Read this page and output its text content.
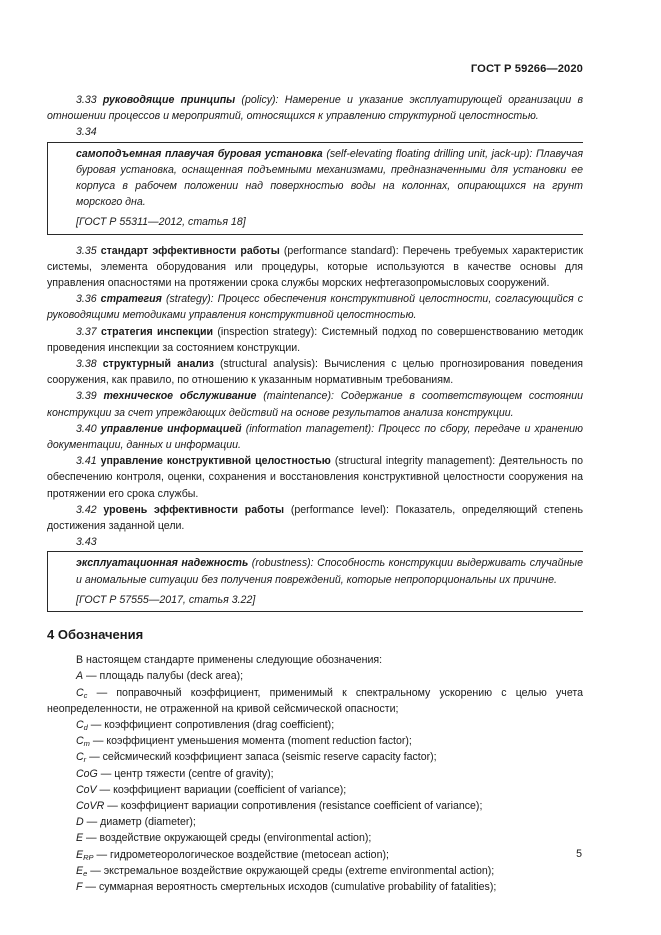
ГОСТ Р 59266—2020

3.33 руководящие принципы (policy): Намерение и указание эксплуатирующей организации в отношении процессов и мероприятий, относящихся к управлению структурной целостностью.

3.34

самоподъемная плавучая буровая установка (self-elevating floating drilling unit, jack-up): Плавучая буровая установка, оснащенная подъемными механизмами, предназначенными для установки ее корпуса в рабочем положении над поверхностью воды на колоннах, опирающихся на грунт морского дна.

[ГОСТ Р 55311—2012, статья 18]

3.35 стандарт эффективности работы (performance standard): Перечень требуемых характеристик системы, элемента оборудования или процедуры, которые используются в качестве основы для управления опасностями на протяжении срока службы морских нефтегазопромысловых сооружений.

3.36 стратегия (strategy): Процесс обеспечения конструктивной целостности, согласующийся с руководящими методиками управления конструктивной целостностью.

3.37 стратегия инспекции (inspection strategy): Системный подход по совершенствованию методик проведения инспекции за состоянием конструкции.

3.38 структурный анализ (structural analysis): Вычисления с целью прогнозирования поведения сооружения, как правило, по отношению к указанным нормативным требованиям.

3.39 техническое обслуживание (maintenance): Содержание в соответствующем состоянии конструкции за счет упреждающих действий на основе результатов анализа конструкции.

3.40 управление информацией (information management): Процесс по сбору, передаче и хранению документации, данных и информации.

3.41 управление конструктивной целостностью (structural integrity management): Деятельность по обеспечению контроля, оценки, сохранения и восстановления конструктивной целостности сооружения на протяжении его срока службы.

3.42 уровень эффективности работы (performance level): Показатель, определяющий степень достижения заданной цели.

3.43

эксплуатационная надежность (robustness): Способность конструкции выдерживать случайные и аномальные ситуации без получения повреждений, которые непропорциональны их причине.

[ГОСТ Р 57555—2017, статья 3.22]

4 Обозначения

В настоящем стандарте применены следующие обозначения:

A — площадь палубы (deck area);

$C_c$ — поправочный коэффициент, применимый к спектральному ускорению с целью учета неопределенности, не отраженной на кривой сейсмической опасности;

$C_d$ — коэффициент сопротивления (drag coefficient);

$C_m$ — коэффициент уменьшения момента (moment reduction factor);

$C_r$ — сейсмический коэффициент запаса (seismic reserve capacity factor);

CoG — центр тяжести (centre of gravity);

CoV — коэффициент вариации (coefficient of variance);

CoVR — коэффициент вариации сопротивления (resistance coefficient of variance);

D — диаметр (diameter);

E — воздействие окружающей среды (environmental action);

$E_{RP}$ — гидрометеорологическое воздействие (metocean action);

$E_e$ — экстремальное воздействие окружающей среды (extreme environmental action);

F — суммарная вероятность смертельных исходов (cumulative probability of fatalities);

5
